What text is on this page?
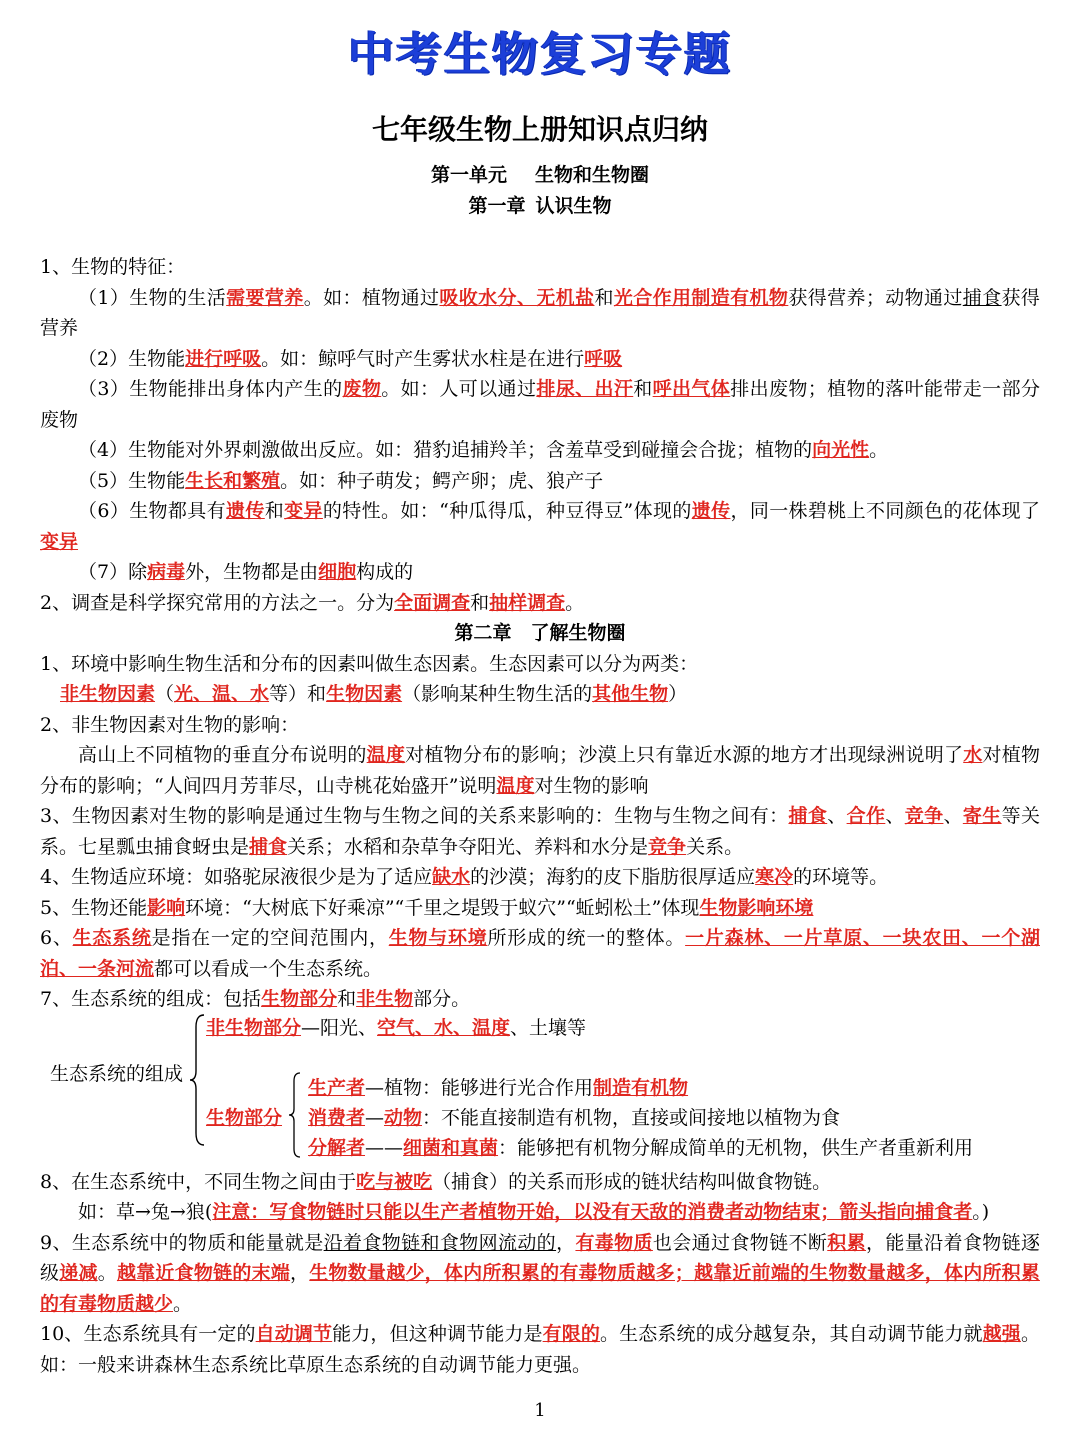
中考生物复习专题
七年级生物上册知识点归纳
第一单元 生物和生物圈
第一章 认识生物

1、生物的特征：

（1）生物的生活需要营养。如：植物通过吸收水分、无机盐和光合作用制造有机物获得营养；动物通过捕食获得营养

（2）生物能进行呼吸。如：鲸呼气时产生雾状水柱是在进行呼吸

（3）生物能排出身体内产生的废物。如：人可以通过排尿、出汗和呼出气体排出废物；植物的落叶能带走一部分废物

（4）生物能对外界刺激做出反应。如：猎豹追捕羚羊；含羞草受到碰撞会合拢；植物的向光性。

（5）生物能生长和繁殖。如：种子萌发；鳄产卵；虎、狼产子

（6）生物都具有遗传和变异的特性。如：“种瓜得瓜，种豆得豆”体现的遗传，同一株碧桃上不同颜色的花体现了变异

（7）除病毒外，生物都是由细胞构成的

2、调查是科学探究常用的方法之一。分为全面调查和抽样调查。

第二章　了解生物圈

1、环境中影响生物生活和分布的因素叫做生态因素。生态因素可以分为两类：

非生物因素（光、温、水等）和生物因素（影响某种生物生活的其他生物）

2、非生物因素对生物的影响：

高山上不同植物的垂直分布说明的温度对植物分布的影响；沙漠上只有靠近水源的地方才出现绿洲说明了水对植物分布的影响；“人间四月芳菲尽，山寺桃花始盛开”说明温度对生物的影响

3、生物因素对生物的影响是通过生物与生物之间的关系来影响的：生物与生物之间有：捕食、合作、竞争、寄生等关系。七星瓢虫捕食蚜虫是捕食关系；水稻和杂草争夺阳光、养料和水分是竞争关系。

4、生物适应环境：如骆驼尿液很少是为了适应缺水的沙漠；海豹的皮下脂肪很厚适应寒冷的环境等。

5、生物还能影响环境：“大树底下好乘凉”“千里之堤毁于蚁穴”“蚯蚓松土”体现生物影响环境

6、生态系统是指在一定的空间范围内，生物与环境所形成的统一的整体。一片森林、一片草原、一块农田、一个湖泊、一条河流都可以看成一个生态系统。

7、生态系统的组成：包括生物部分和非生物部分。

生态系统的组成
非生物部分—阳光、空气、水、温度、土壤等
生物部分
生产者—植物：能够进行光合作用制造有机物
消费者—动物：不能直接制造有机物，直接或间接地以植物为食
分解者——细菌和真菌：能够把有机物分解成简单的无机物，供生产者重新利用

8、在生态系统中，不同生物之间由于吃与被吃（捕食）的关系而形成的链状结构叫做食物链。

如：草→兔→狼(注意：写食物链时只能以生产者植物开始，以没有天敌的消费者动物结束；箭头指向捕食者。)

9、生态系统中的物质和能量就是沿着食物链和食物网流动的，有毒物质也会通过食物链不断积累，能量沿着食物链逐级递减。越靠近食物链的末端，生物数量越少，体内所积累的有毒物质越多；越靠近前端的生物数量越多，体内所积累的有毒物质越少。

10、生态系统具有一定的自动调节能力，但这种调节能力是有限的。生态系统的成分越复杂，其自动调节能力就越强。如：一般来讲森林生态系统比草原生态系统的自动调节能力更强。

1
